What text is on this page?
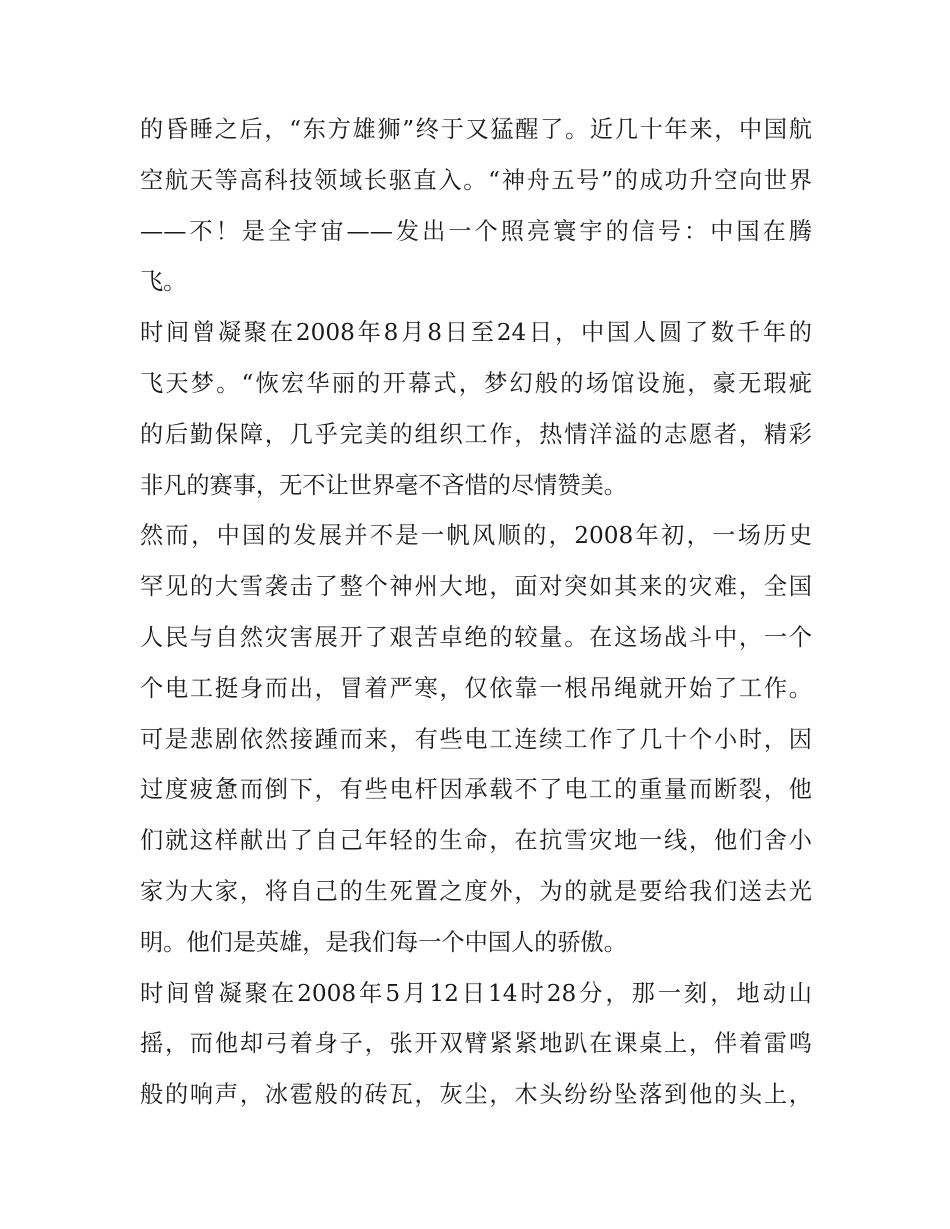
的昏睡之后，“东方雄狮”终于又猛醒了。近几十年来，中国航
空航天等高科技领域长驱直入。“神舟五号”的成功升空向世界
——不！是全宇宙——发出一个照亮寰宇的信号：中国在腾
飞。
时间曾凝聚在2008年8月8日至24日，中国人圆了数千年的
飞天梦。“恢宏华丽的开幕式，梦幻般的场馆设施，豪无瑕疵
的后勤保障，几乎完美的组织工作，热情洋溢的志愿者，精彩
非凡的赛事，无不让世界毫不吝惜的尽情赞美。
然而，中国的发展并不是一帆风顺的，2008年初，一场历史
罕见的大雪袭击了整个神州大地，面对突如其来的灾难，全国
人民与自然灾害展开了艰苦卓绝的较量。在这场战斗中，一个
个电工挺身而出，冒着严寒，仅依靠一根吊绳就开始了工作。
可是悲剧依然接踵而来，有些电工连续工作了几十个小时，因
过度疲惫而倒下，有些电杆因承载不了电工的重量而断裂，他
们就这样献出了自己年轻的生命，在抗雪灾地一线，他们舍小
家为大家，将自己的生死置之度外，为的就是要给我们送去光
明。他们是英雄，是我们每一个中国人的骄傲。
时间曾凝聚在2008年5月12日14时28分，那一刻，地动山
摇，而他却弓着身子，张开双臂紧紧地趴在课桌上，伴着雷鸣
般的响声，冰雹般的砖瓦，灰尘，木头纷纷坠落到他的头上，
